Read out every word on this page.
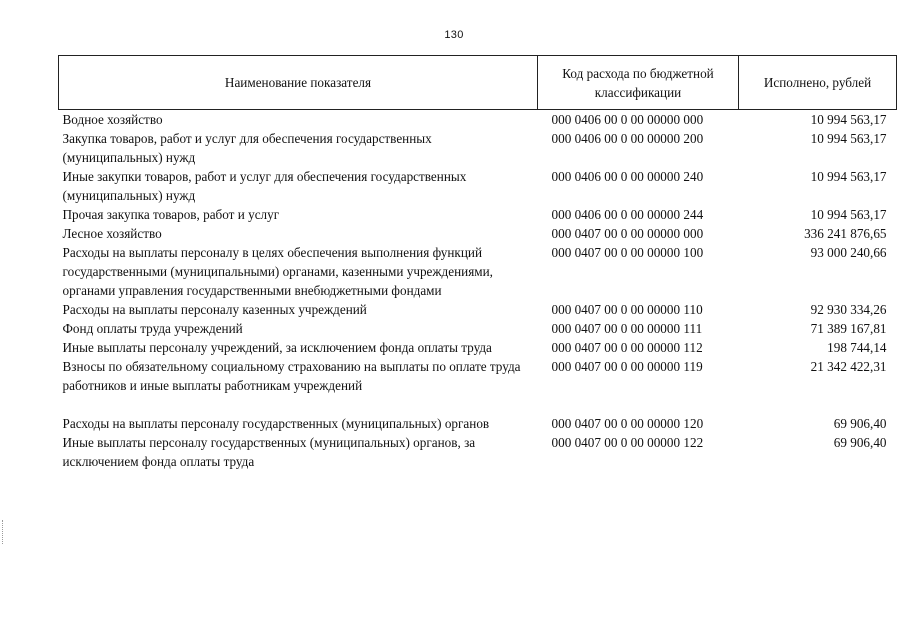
130
Наименование показателя	Код расхода по бюджетной классификации	Исполнено, рублей
Водное хозяйство	000 0406 00 0 00 00000 000	10 994 563,17
Закупка товаров, работ и услуг для обеспечения государственных (муниципальных) нужд	000 0406 00 0 00 00000 200	10 994 563,17
Иные закупки товаров, работ и услуг для обеспечения государственных (муниципальных) нужд	000 0406 00 0 00 00000 240	10 994 563,17
Прочая закупка товаров, работ и услуг	000 0406 00 0 00 00000 244	10 994 563,17
Лесное хозяйство	000 0407 00 0 00 00000 000	336 241 876,65
Расходы на выплаты персоналу в целях обеспечения выполнения функций государственными (муниципальными) органами, казенными учреждениями, органами управления государственными внебюджетными фондами	000 0407 00 0 00 00000 100	93 000 240,66
Расходы на выплаты персоналу казенных учреждений	000 0407 00 0 00 00000 110	92 930 334,26
Фонд оплаты труда учреждений	000 0407 00 0 00 00000 111	71 389 167,81
Иные выплаты персоналу учреждений, за исключением фонда оплаты труда	000 0407 00 0 00 00000 112	198 744,14
Взносы по обязательному социальному страхованию на выплаты по оплате труда работников и иные выплаты работникам учреждений	000 0407 00 0 00 00000 119	21 342 422,31
Расходы на выплаты персоналу государственных (муниципальных) органов	000 0407 00 0 00 00000 120	69 906,40
Иные выплаты персоналу государственных (муниципальных) органов, за исключением фонда оплаты труда	000 0407 00 0 00 00000 122	69 906,40
